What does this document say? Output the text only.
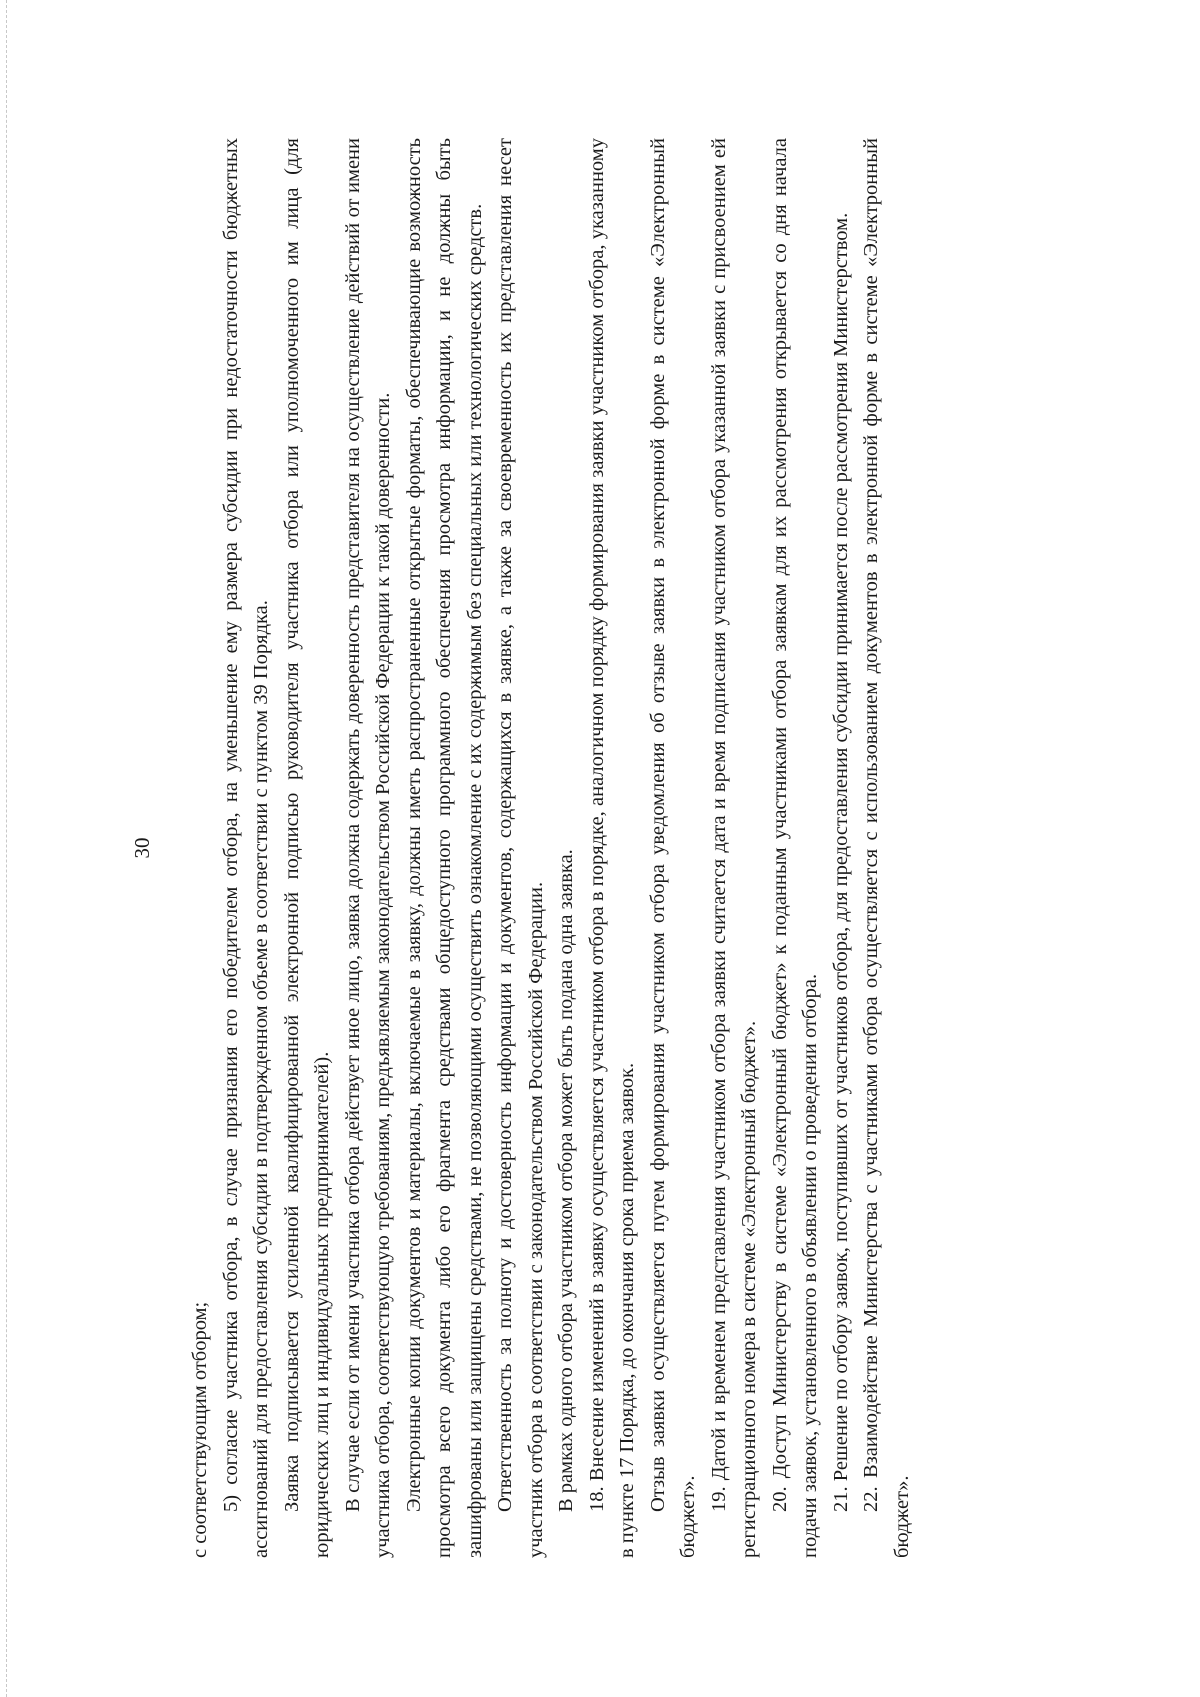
30

с соответствующим отбором; 5) согласие участника отбора, в случае признания его победителем отбора, на уменьшение ему размера субсидии при недостаточности бюджетных ассигнований для предоставления субсидии в подтвержденном объеме в соответствии с пунктом 39 Порядка. Заявка подписывается усиленной квалифицированной электронной подписью руководителя участника отбора или уполномоченного им лица (для юридических лиц и индивидуальных предпринимателей). В случае если от имени участника отбора действует иное лицо, заявка должна содержать доверенность представителя на осуществление действий от имени участника отбора, соответствующую требованиям, предъявляемым законодательством Российской Федерации к такой доверенности. Электронные копии документов и материалы, включаемые в заявку, должны иметь распространенные открытые форматы, обеспечивающие возможность просмотра всего документа либо его фрагмента средствами общедоступного программного обеспечения просмотра информации, и не должны быть зашифрованы или защищены средствами, не позволяющими осуществить ознакомление с их содержимым без специальных или технологических средств. Ответственность за полноту и достоверность информации и документов, содержащихся в заявке, а также за своевременность их представления несет участник отбора в соответствии с законодательством Российской Федерации. В рамках одного отбора участником отбора может быть подана одна заявка. 18. Внесение изменений в заявку осуществляется участником отбора в порядке, аналогичном порядку формирования заявки участником отбора, указанному в пункте 17 Порядка, до окончания срока приема заявок. Отзыв заявки осуществляется путем формирования участником отбора уведомления об отзыве заявки в электронной форме в системе «Электронный бюджет».

19. Датой и временем представления участником отбора заявки считается дата и время подписания участником отбора указанной заявки с присвоением ей регистрационного номера в системе «Электронный бюджет». 20. Доступ Министерству в системе «Электронный бюджет» к поданным участниками отбора заявкам для их рассмотрения открывается со дня начала подачи заявок, установленного в объявлении о проведении отбора. 21. Решение по отбору заявок, поступивших от участников отбора, для предоставления субсидии принимается после рассмотрения Министерством. 22. Взаимодействие Министерства с участниками отбора осуществляется с использованием документов в электронной форме в системе «Электронный бюджет».
